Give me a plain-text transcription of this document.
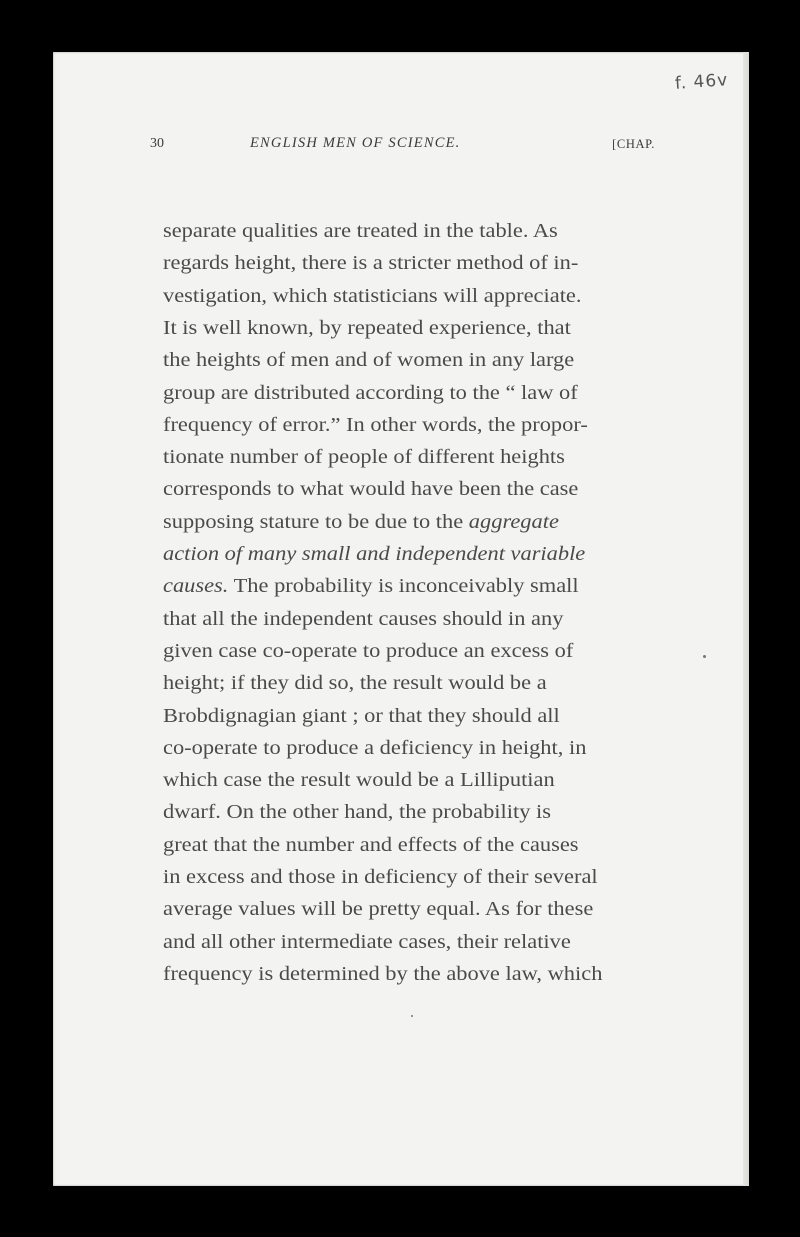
f. 46v
30	ENGLISH MEN OF SCIENCE.	[CHAP.
separate qualities are treated in the table. As
regards height, there is a stricter method of in-
vestigation, which statisticians will appreciate.
It is well known, by repeated experience, that
the heights of men and of women in any large
group are distributed according to the “ law of
frequency of error.” In other words, the propor-
tionate number of people of different heights
corresponds to what would have been the case
supposing stature to be due to the aggregate
action of many small and independent variable
causes. The probability is inconceivably small
that all the independent causes should in any
given case co-operate to produce an excess of
height; if they did so, the result would be a
Brobdignagian giant ; or that they should all
co-operate to produce a deficiency in height, in
which case the result would be a Lilliputian
dwarf. On the other hand, the probability is
great that the number and effects of the causes
in excess and those in deficiency of their several
average values will be pretty equal. As for these
and all other intermediate cases, their relative
frequency is determined by the above law, which
